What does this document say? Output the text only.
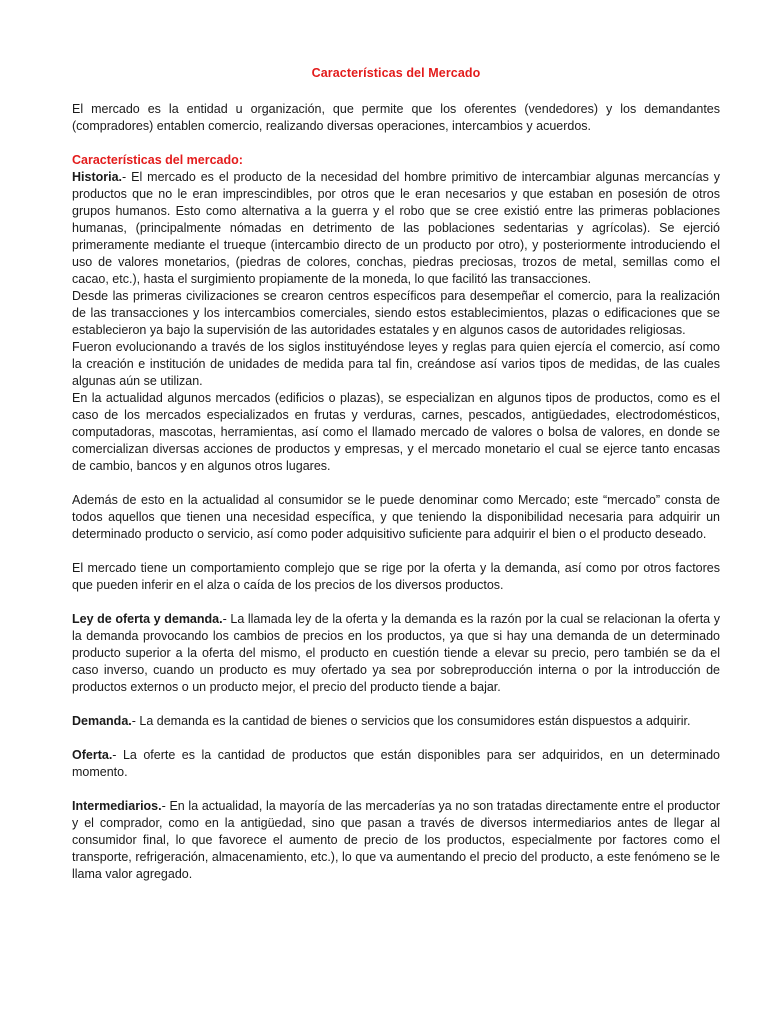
Características del Mercado

El mercado es la entidad u organización, que permite que los oferentes (vendedores) y los demandantes (compradores) entablen comercio, realizando diversas operaciones, intercambios y acuerdos.

Características del mercado:

Historia.- El mercado es el producto de la necesidad del hombre primitivo de intercambiar algunas mercancías y productos que no le eran imprescindibles, por otros que le eran necesarios y que estaban en posesión de otros grupos humanos. Esto como alternativa a la guerra y el robo que se cree existió entre las primeras poblaciones humanas, (principalmente nómadas en detrimento de las poblaciones sedentarias y agrícolas). Se ejerció primeramente mediante el trueque (intercambio directo de un producto por otro), y posteriormente introduciendo el uso de valores monetarios, (piedras de colores, conchas, piedras preciosas, trozos de metal, semillas como el cacao, etc.), hasta el surgimiento propiamente de la moneda, lo que facilitó las transacciones.

Desde las primeras civilizaciones se crearon centros específicos para desempeñar el comercio, para la realización de las transacciones y los intercambios comerciales, siendo estos establecimientos, plazas o edificaciones que se establecieron ya bajo la supervisión de las autoridades estatales y en algunos casos de autoridades religiosas.

Fueron evolucionando a través de los siglos instituyéndose leyes y reglas para quien ejercía el comercio, así como la creación e institución de unidades de medida para tal fin, creándose así varios tipos de medidas, de las cuales algunas aún se utilizan.

En la actualidad algunos mercados (edificios o plazas), se especializan en algunos tipos de productos, como es el caso de los mercados especializados en frutas y verduras, carnes, pescados, antigüedades, electrodomésticos, computadoras, mascotas, herramientas, así como el llamado mercado de valores o bolsa de valores, en donde se comercializan diversas acciones de productos y empresas, y el mercado monetario el cual se ejerce tanto encasas de cambio, bancos y en algunos otros lugares.

Además de esto en la actualidad al consumidor se le puede denominar como Mercado; este “mercado” consta de todos aquellos que tienen una necesidad específica, y que teniendo la disponibilidad necesaria para adquirir un determinado producto o servicio, así como poder adquisitivo suficiente para adquirir el bien o el producto deseado.

El mercado tiene un comportamiento complejo que se rige por la oferta y la demanda, así como por otros factores que pueden inferir en el alza o caída de los precios de los diversos productos.

Ley de oferta y demanda.- La llamada ley de la oferta y la demanda es la razón por la cual se relacionan la oferta y la demanda provocando los cambios de precios en los productos, ya que si hay una demanda de un determinado producto superior a la oferta del mismo, el producto en cuestión tiende a elevar su precio, pero también se da el caso inverso, cuando un producto es muy ofertado ya sea por sobreproducción interna o por la introducción de productos externos o un producto mejor, el precio del producto tiende a bajar.

Demanda.- La demanda es la cantidad de bienes o servicios que los consumidores están dispuestos a adquirir.

Oferta.- La oferte es la cantidad de productos que están disponibles para ser adquiridos, en un determinado momento.

Intermediarios.- En la actualidad, la mayoría de las mercaderías ya no son tratadas directamente entre el productor y el comprador, como en la antigüedad, sino que pasan a través de diversos intermediarios antes de llegar al consumidor final, lo que favorece el aumento de precio de los productos, especialmente por factores como el transporte, refrigeración, almacenamiento, etc.), lo que va aumentando el precio del producto, a este fenómeno se le llama valor agregado.
